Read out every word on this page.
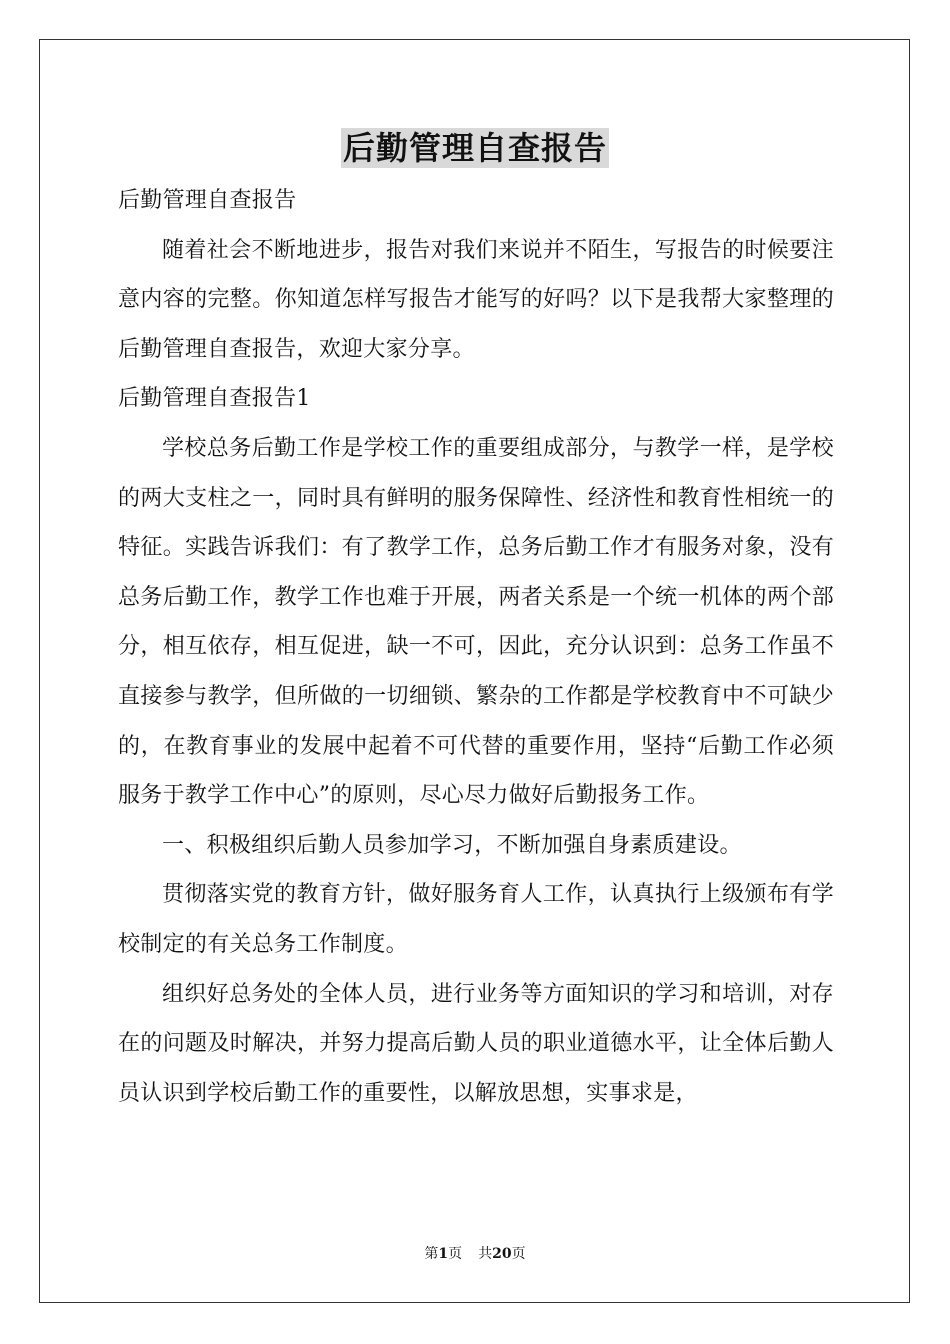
后勤管理自查报告

后勤管理自查报告

随着社会不断地进步，报告对我们来说并不陌生，写报告的时候要注意内容的完整。你知道怎样写报告才能写的好吗？以下是我帮大家整理的后勤管理自查报告，欢迎大家分享。

后勤管理自查报告1

学校总务后勤工作是学校工作的重要组成部分，与教学一样，是学校的两大支柱之一，同时具有鲜明的服务保障性、经济性和教育性相统一的特征。实践告诉我们：有了教学工作，总务后勤工作才有服务对象，没有总务后勤工作，教学工作也难于开展，两者关系是一个统一机体的两个部分，相互依存，相互促进，缺一不可，因此，充分认识到：总务工作虽不直接参与教学，但所做的一切细锁、繁杂的工作都是学校教育中不可缺少的，在教育事业的发展中起着不可代替的重要作用，坚持“后勤工作必须服务于教学工作中心”的原则，尽心尽力做好后勤报务工作。

一、积极组织后勤人员参加学习，不断加强自身素质建设。

贯彻落实党的教育方针，做好服务育人工作，认真执行上级颁布有学校制定的有关总务工作制度。

组织好总务处的全体人员，进行业务等方面知识的学习和培训，对存在的问题及时解决，并努力提高后勤人员的职业道德水平，让全体后勤人员认识到学校后勤工作的重要性，以解放思想，实事求是，

第1页 共20页
